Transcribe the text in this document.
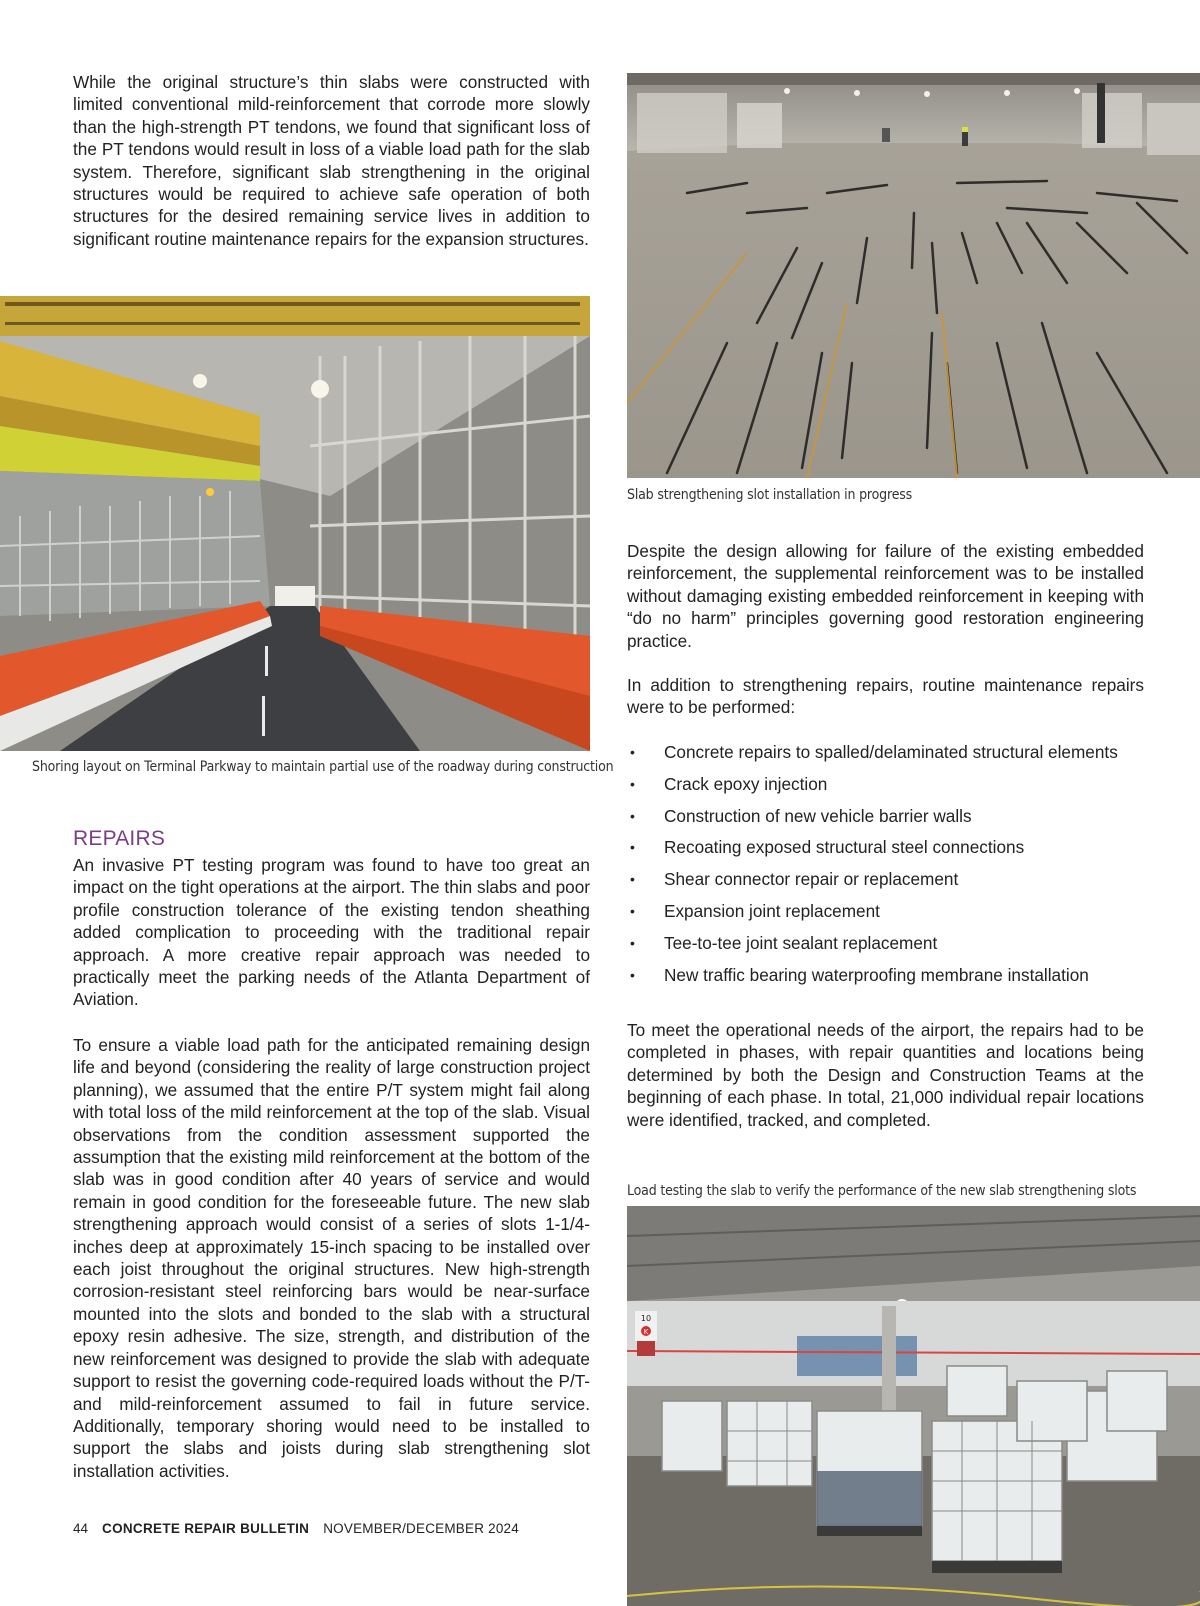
While the original structure’s thin slabs were constructed with limited conventional mild-reinforcement that corrode more slowly than the high-strength PT tendons, we found that significant loss of the PT tendons would result in loss of a viable load path for the slab system. Therefore, significant slab strengthening in the original structures would be required to achieve safe operation of both structures for the desired remaining service lives in addition to significant routine maintenance repairs for the expansion structures.

Slab strengthening slot installation in progress

Shoring layout on Terminal Parkway to maintain partial use of the roadway during construction

REPAIRS

An invasive PT testing program was found to have too great an impact on the tight operations at the airport. The thin slabs and poor profile construction tolerance of the existing tendon sheathing added complication to proceeding with the traditional repair approach. A more creative repair approach was needed to practically meet the parking needs of the Atlanta Department of Aviation.

To ensure a viable load path for the anticipated remaining design life and beyond (considering the reality of large construction project planning), we assumed that the entire P/T system might fail along with total loss of the mild reinforcement at the top of the slab. Visual observations from the condition assessment supported the assumption that the existing mild reinforcement at the bottom of the slab was in good condition after 40 years of service and would remain in good condition for the foreseeable future. The new slab strengthening approach would consist of a series of slots 1-1/4-inches deep at approximately 15-inch spacing to be installed over each joist throughout the original structures. New high-strength corrosion-resistant steel reinforcing bars would be near-surface mounted into the slots and bonded to the slab with a structural epoxy resin adhesive. The size, strength, and distribution of the new reinforcement was designed to provide the slab with adequate support to resist the governing code-required loads without the P/T- and mild-reinforcement assumed to fail in future service. Additionally, temporary shoring would need to be installed to support the slabs and joists during slab strengthening slot installation activities.

Despite the design allowing for failure of the existing embedded reinforcement, the supplemental reinforcement was to be installed without damaging existing embedded reinforcement in keeping with “do no harm” principles governing good restoration engineering practice.

In addition to strengthening repairs, routine maintenance repairs were to be performed:

• Concrete repairs to spalled/delaminated structural elements
• Crack epoxy injection
• Construction of new vehicle barrier walls
• Recoating exposed structural steel connections
• Shear connector repair or replacement
• Expansion joint replacement
• Tee-to-tee joint sealant replacement
• New traffic bearing waterproofing membrane installation

To meet the operational needs of the airport, the repairs had to be completed in phases, with repair quantities and locations being determined by both the Design and Construction Teams at the beginning of each phase. In total, 21,000 individual repair locations were identified, tracked, and completed.

Load testing the slab to verify the performance of the new slab strengthening slots

10
K
44 CONCRETE REPAIR BULLETIN NOVEMBER/DECEMBER 2024
